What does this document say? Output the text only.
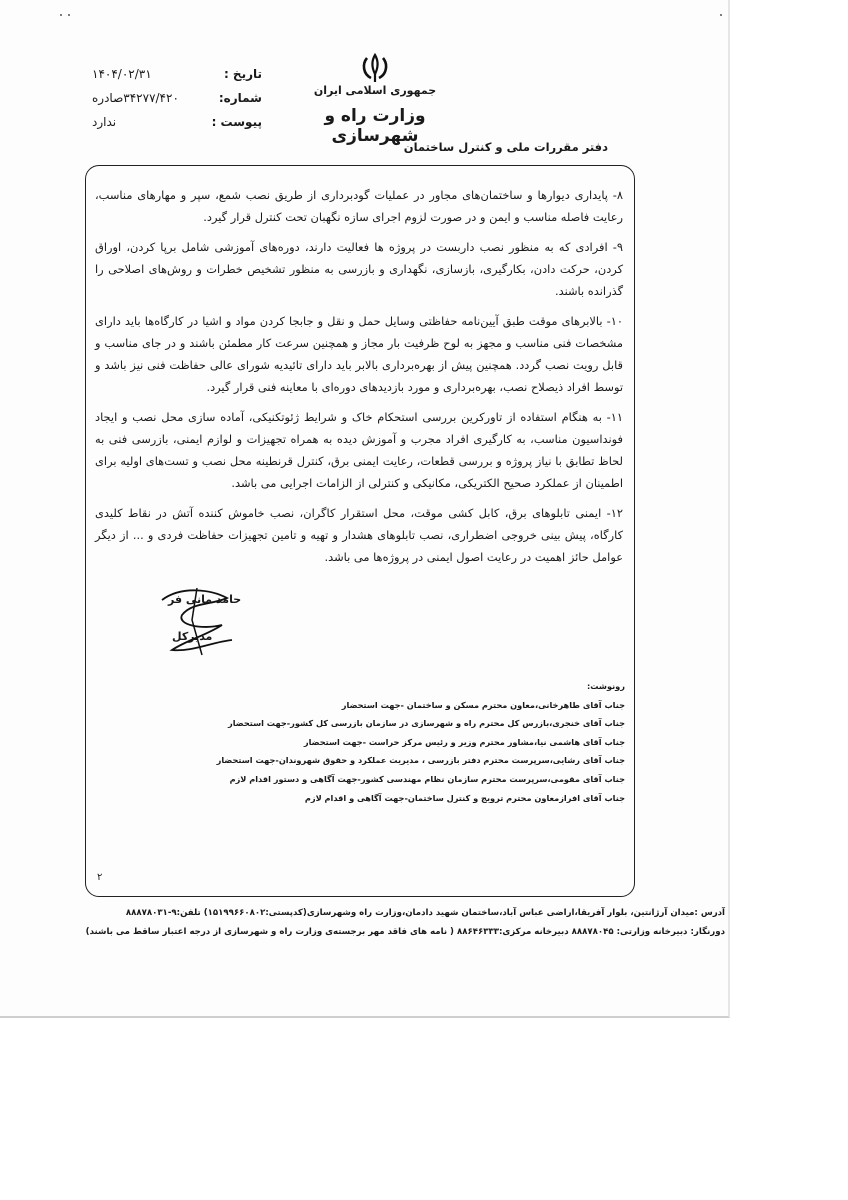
جمهوری اسلامی ایران
وزارت راه و شهرسازی
دفتر مقررات ملی و کنترل ساختمان
تاریخ :
۱۴۰۴/۰۲/۳۱
شماره:
۳۴۲۷۷/۴۲۰صادره
پیوست :
ندارد

۸- پایداری دیوارها و ساختمان‌های مجاور در عملیات گودبرداری از طریق نصب شمع، سپر و مهارهای مناسب، رعایت فاصله مناسب و ایمن و در صورت لزوم اجرای سازه نگهبان تحت کنترل قرار گیرد.

۹- افرادی که به منظور نصب داربست در پروژه ها فعالیت دارند، دوره‌های آموزشی شامل برپا کردن، اوراق کردن، حرکت دادن، بکارگیری، بازسازی، نگهداری و بازرسی به منظور تشخیص خطرات و روش‌های اصلاحی را گذرانده باشند.

۱۰- بالابرهای موقت طبق آیین‌نامه حفاظتی وسایل حمل و نقل و جابجا کردن مواد و اشیا در کارگاه‌ها باید دارای مشخصات فنی مناسب و مجهز به لوح ظرفیت بار مجاز و همچنین سرعت کار مطمئن باشند و در جای مناسب و قابل رویت نصب گردد. همچنین پیش از بهره‌برداری بالابر باید دارای تائیدیه شورای عالی حفاظت فنی نیز باشد و توسط افراد ذیصلاح نصب، بهره‌برداری و مورد بازدیدهای دوره‌ای با معاینه فنی قرار گیرد.

۱۱- به هنگام استفاده از تاورکرین بررسی استحکام خاک و شرایط ژئوتکنیکی، آماده سازی محل نصب و ایجاد فونداسیون مناسب، به کارگیری افراد مجرب و آموزش دیده به همراه تجهیزات و لوازم ایمنی، بازرسی فنی به لحاظ تطابق با نیاز پروژه و بررسی قطعات، رعایت ایمنی برق، کنترل قرنطینه محل نصب و تست‌های اولیه برای اطمینان از عملکرد صحیح الکتریکی، مکانیکی و کنترلی از الزامات اجرایی می باشد.

۱۲- ایمنی تابلوهای برق، کابل کشی موقت، محل استقرار کاگران، نصب خاموش کننده آتش در نقاط کلیدی کارگاه، پیش بینی خروجی اضطراری، نصب تابلوهای هشدار و تهیه و تامین تجهیزات حفاظت فردی و ... از دیگر عوامل حائز اهمیت در رعایت اصول ایمنی در پروژه‌ها می باشد.

حامد مانی فر
مدیرکل
رونوشت:
جناب آقای طاهرخانی،معاون محترم مسکن و ساختمان -جهت استحضار
جناب آقای خنجری،بازرس کل محترم راه و شهرسازی در سازمان بازرسی کل کشور-جهت استحضار
جناب آقای هاشمی نیا،مشاور محترم وزیر و رئیس مرکز حراست -جهت استحضار
جناب آقای رشایی،سرپرست محترم دفتر بازرسی ، مدیریت عملکرد و حقوق شهروندان-جهت استحضار
جناب آقای مقومی،سرپرست محترم سازمان نظام مهندسی کشور-جهت آگاهی و دستور اقدام لازم
جناب آقای افرازمعاون محترم ترویج و کنترل ساختمان-جهت آگاهی و اقدام لازم
۲
آدرس :میدان آرژانتین، بلوار آفریقا،اراضی عباس آباد،ساختمان شهید دادمان،وزارت راه وشهرسازی(کدپستی:۱۵۱۹۹۶۶۰۸۰۲) تلفن:۹-۸۸۸۷۸۰۳۱
دورنگار: دبیرخانه وزارتی: ۸۸۸۷۸۰۴۵ دبیرخانه مرکزی:۸۸۶۴۶۳۳۳ ( نامه های فاقد مهر برجسته‌ی وزارت راه و شهرسازی از درجه اعتبار ساقط می باشند)
